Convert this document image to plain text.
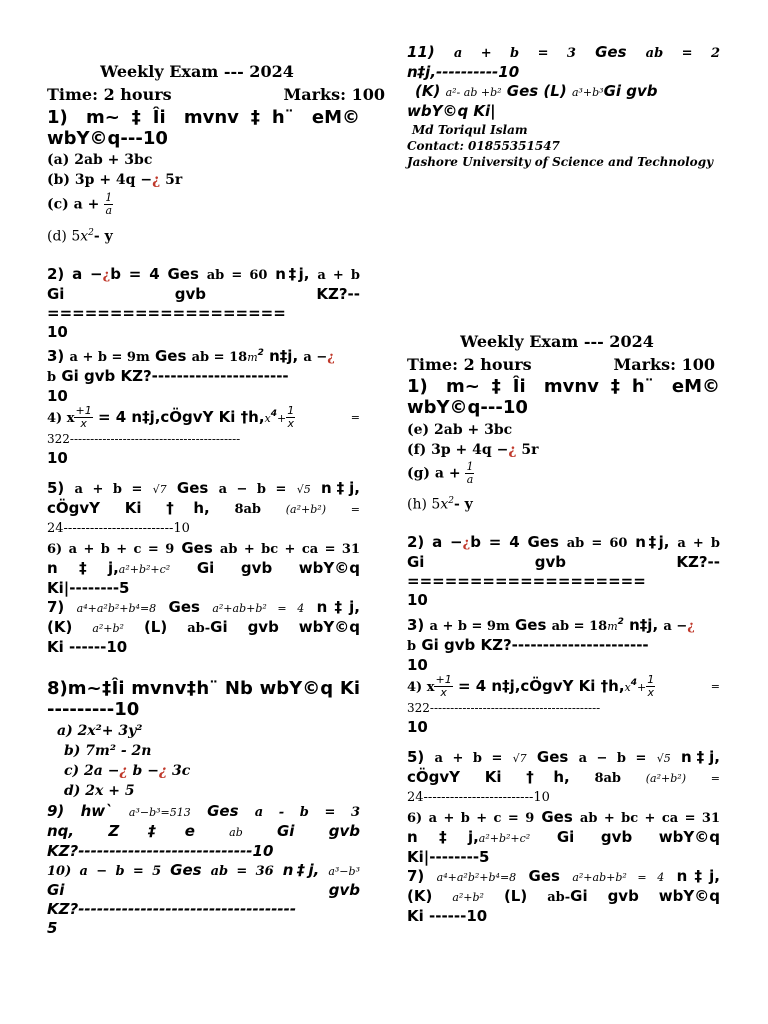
Weekly Exam --- 2024
Time: 2 hours	Marks: 100
1) m~‡Îi mvnv‡h¨ eM© wbY©q---10
(a) 2ab + 3bc
(b) 3p + 4q −¿ 5r
(c) $a + \frac{1}{a}$
(d) $5x^2-$ y
2) a −¿b = 4 Ges ab = 60 n‡j, a + b
Gi gvb KZ?--
===================
10
3) a + b = 9m Ges ab = $18m^2$ n‡j, a −¿
b Gi gvb KZ?----------------------
10
4) x $\frac{+1}{x} = 4$ n‡j,cÖgvY Ki $\dagger h,x^4+ \frac{1}{x}$	=
322------------------------------------------
10
5) a + b = √7 Ges a − b = √5 n‡j,
cÖgvY Ki †h, 8ab (a²+b²) =
24-------------------------10
6) a + b + c = 9 Ges ab + bc + ca = 31
n‡j,a²+b²+c² Gi gvb wbY©q
Ki|--------5
7) a⁴+a²b²+b⁴=8 Ges a²+ab+b² = 4 n‡j,
(K) a²+b² (L) ab-Gi gvb wbY©q
Ki ------10
8)m~‡Îi mvnv‡h¨ Nb wbY©q Ki ---------10
a) 2x²+ 3y²
b) 7m² - 2n
c) 2a −¿ b −¿ 3c
d) 2x + 5
9) hw` a³−b³=513 Ges a - b = 3
nq, Z‡e	ab Gi gvb
KZ?----------------------------10
10) a − b = 5 Ges ab = 36 n‡j, a³−b³
Gi	gvb
KZ?-----------------------------------
5
11) a + b = 3 Ges ab = 2
n‡j,----------10
(K) a²- ab +b² Ges (L) a³+b³Gi gvb
wbY©q Ki|
Md Toriqul Islam
Contact: 01855351547
Jashore University of Science and Technology
Weekly Exam --- 2024
Time: 2 hours	Marks: 100
1) m~‡Îi mvnv‡h¨ eM© wbY©q---10
(e) 2ab + 3bc
(f) 3p + 4q −¿ 5r
(g) $a + \frac{1}{a}$
(h) $5x^2-$ y
2) a −¿b = 4 Ges ab = 60 n‡j, a + b
Gi gvb KZ?--
===================
10
3) a + b = 9m Ges ab = $18m^2$ n‡j, a −¿
b Gi gvb KZ?----------------------
10
4) x $\frac{+1}{x} = 4$ n‡j,cÖgvY Ki $\dagger h,x^4+ \frac{1}{x}$	=
322------------------------------------------
10
5) a + b = √7 Ges a − b = √5 n‡j,
cÖgvY Ki †h, 8ab (a²+b²) =
24-------------------------10
6) a + b + c = 9 Ges ab + bc + ca = 31
n‡j,a²+b²+c² Gi gvb wbY©q
Ki|--------5
7) a⁴+a²b²+b⁴=8 Ges a²+ab+b² = 4 n‡j,
(K) a²+b² (L) ab-Gi gvb wbY©q
Ki ------10
